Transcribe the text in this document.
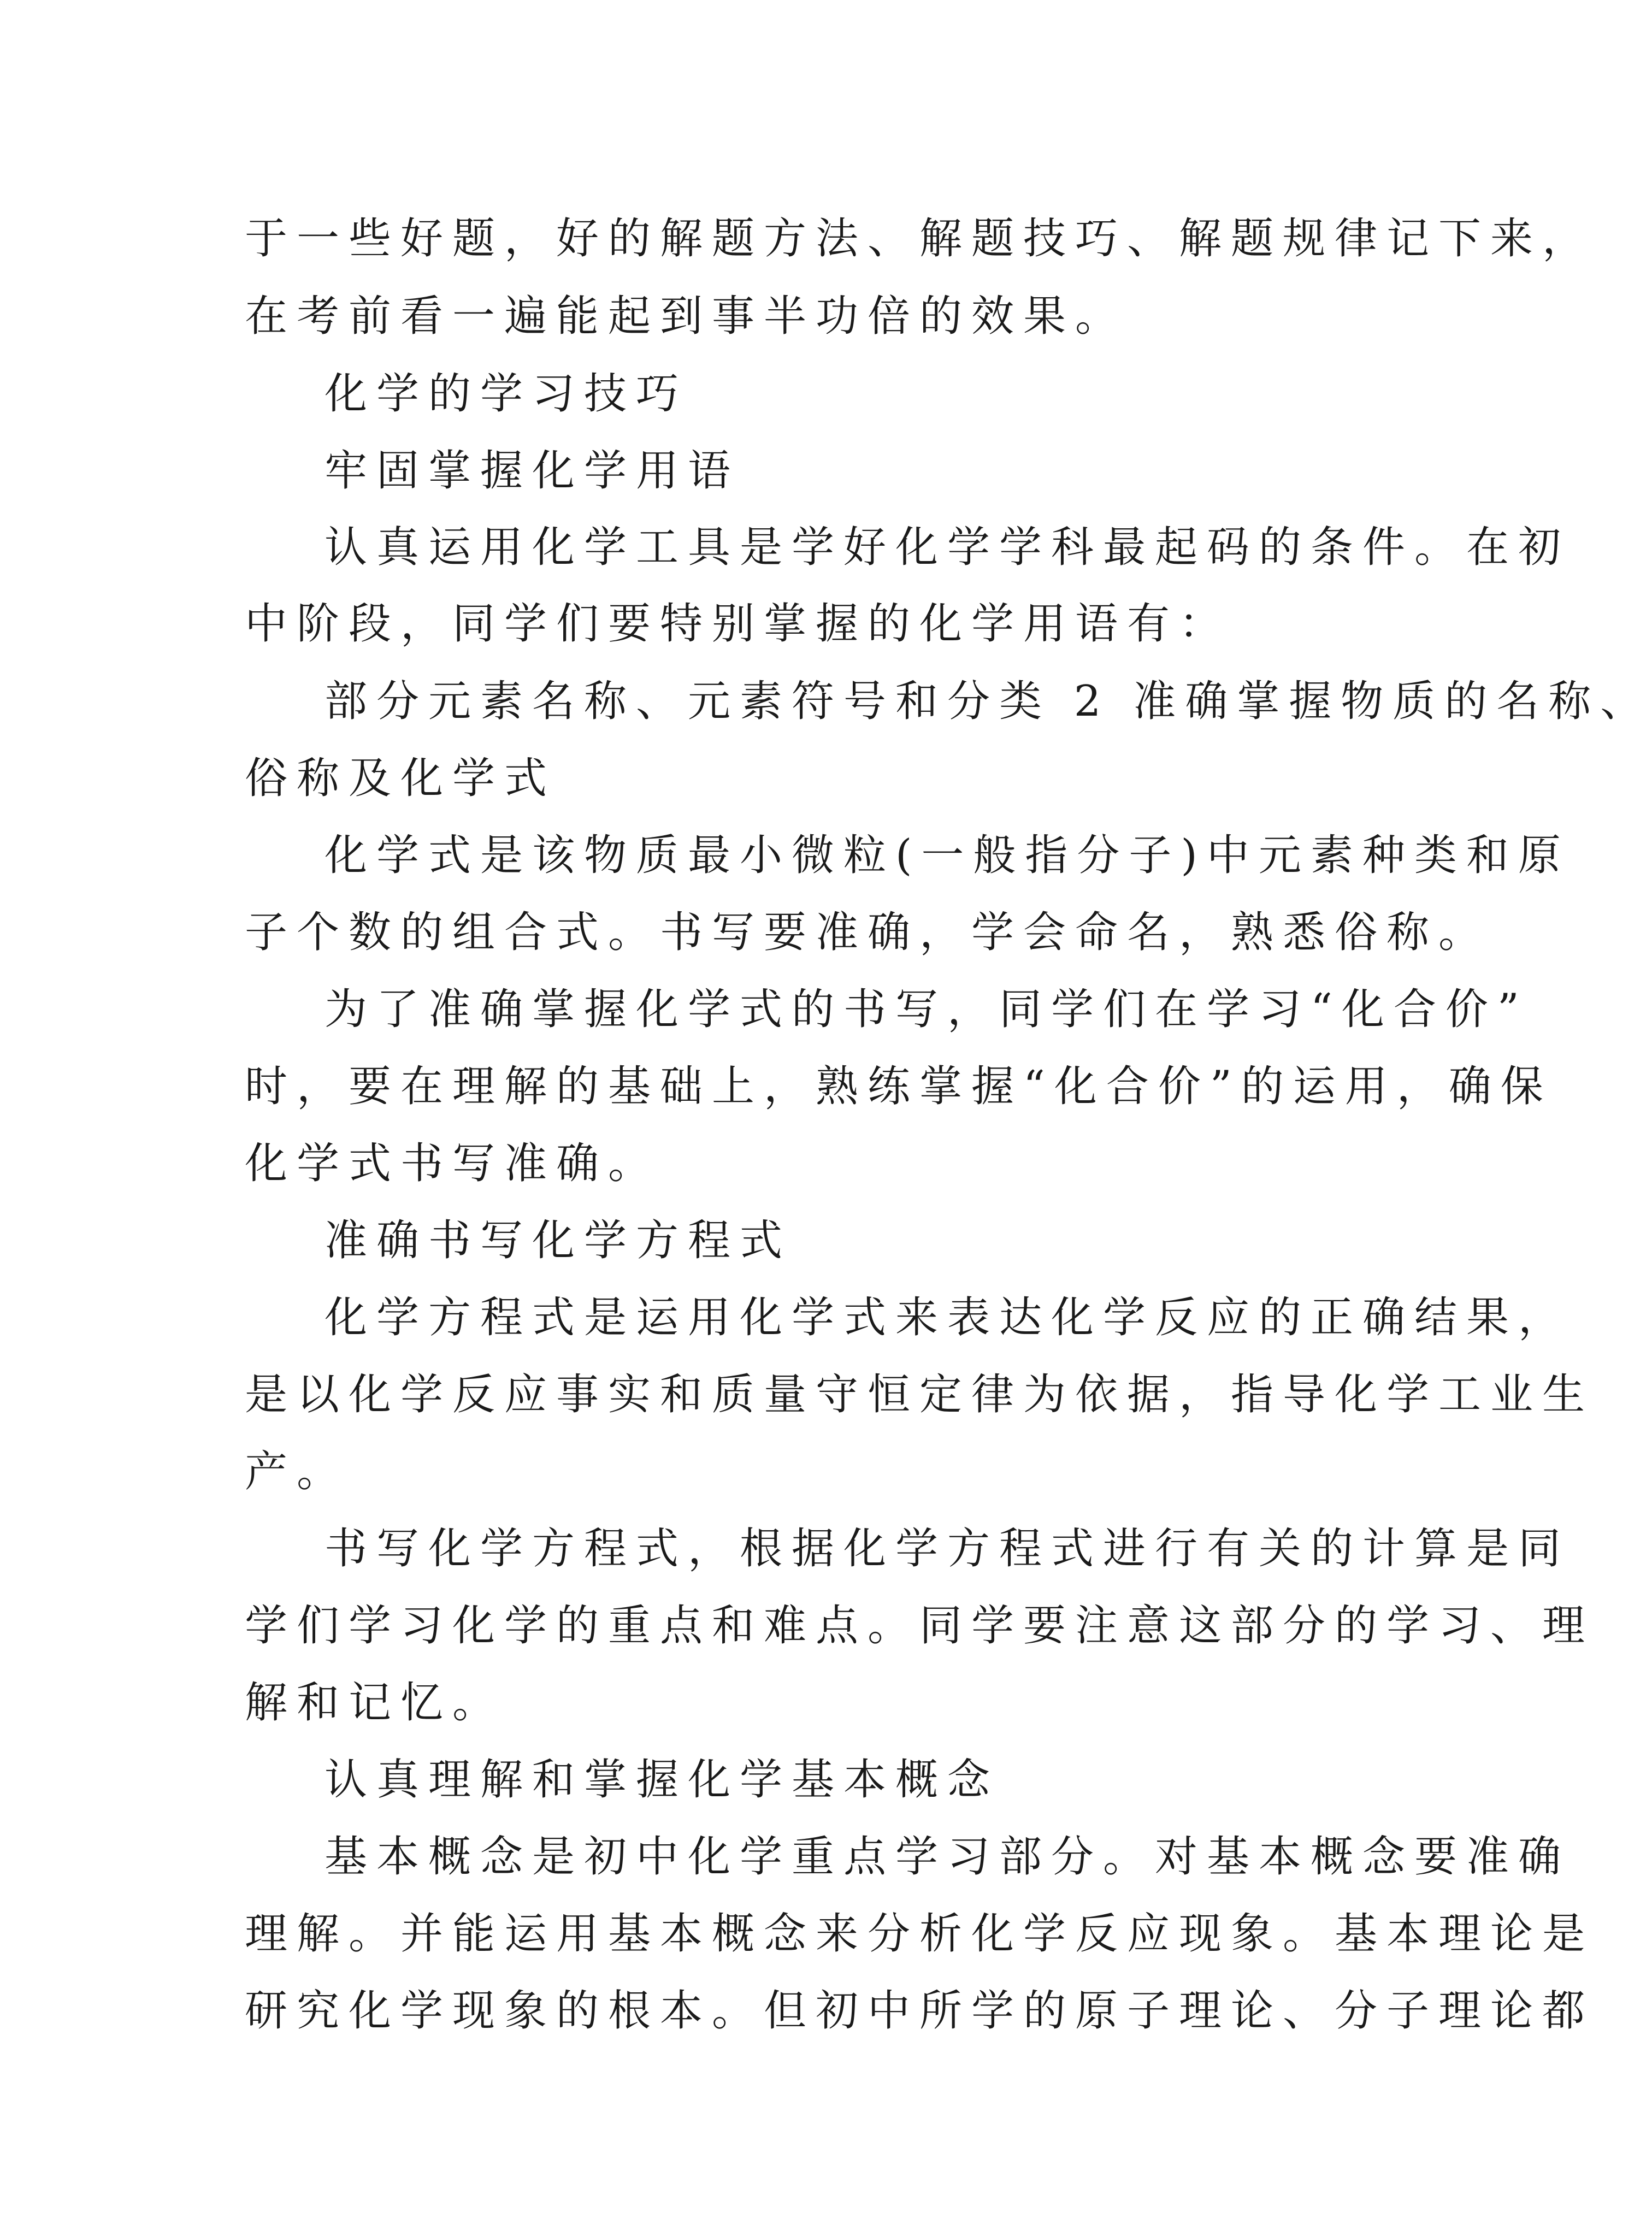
于一些好题，好的解题方法、解题技巧、解题规律记下来，
在考前看一遍能起到事半功倍的效果。
化学的学习技巧
牢固掌握化学用语
认真运用化学工具是学好化学学科最起码的条件。在初
中阶段，同学们要特别掌握的化学用语有：
部分元素名称、元素符号和分类 2 准确掌握物质的名称、
俗称及化学式
化学式是该物质最小微粒(一般指分子)中元素种类和原
子个数的组合式。书写要准确，学会命名，熟悉俗称。
为了准确掌握化学式的书写，同学们在学习“化合价”
时，要在理解的基础上，熟练掌握“化合价”的运用，确保
化学式书写准确。
准确书写化学方程式
化学方程式是运用化学式来表达化学反应的正确结果，
是以化学反应事实和质量守恒定律为依据，指导化学工业生
产。
书写化学方程式，根据化学方程式进行有关的计算是同
学们学习化学的重点和难点。同学要注意这部分的学习、理
解和记忆。
认真理解和掌握化学基本概念
基本概念是初中化学重点学习部分。对基本概念要准确
理解。并能运用基本概念来分析化学反应现象。基本理论是
研究化学现象的根本。但初中所学的原子理论、分子理论都
